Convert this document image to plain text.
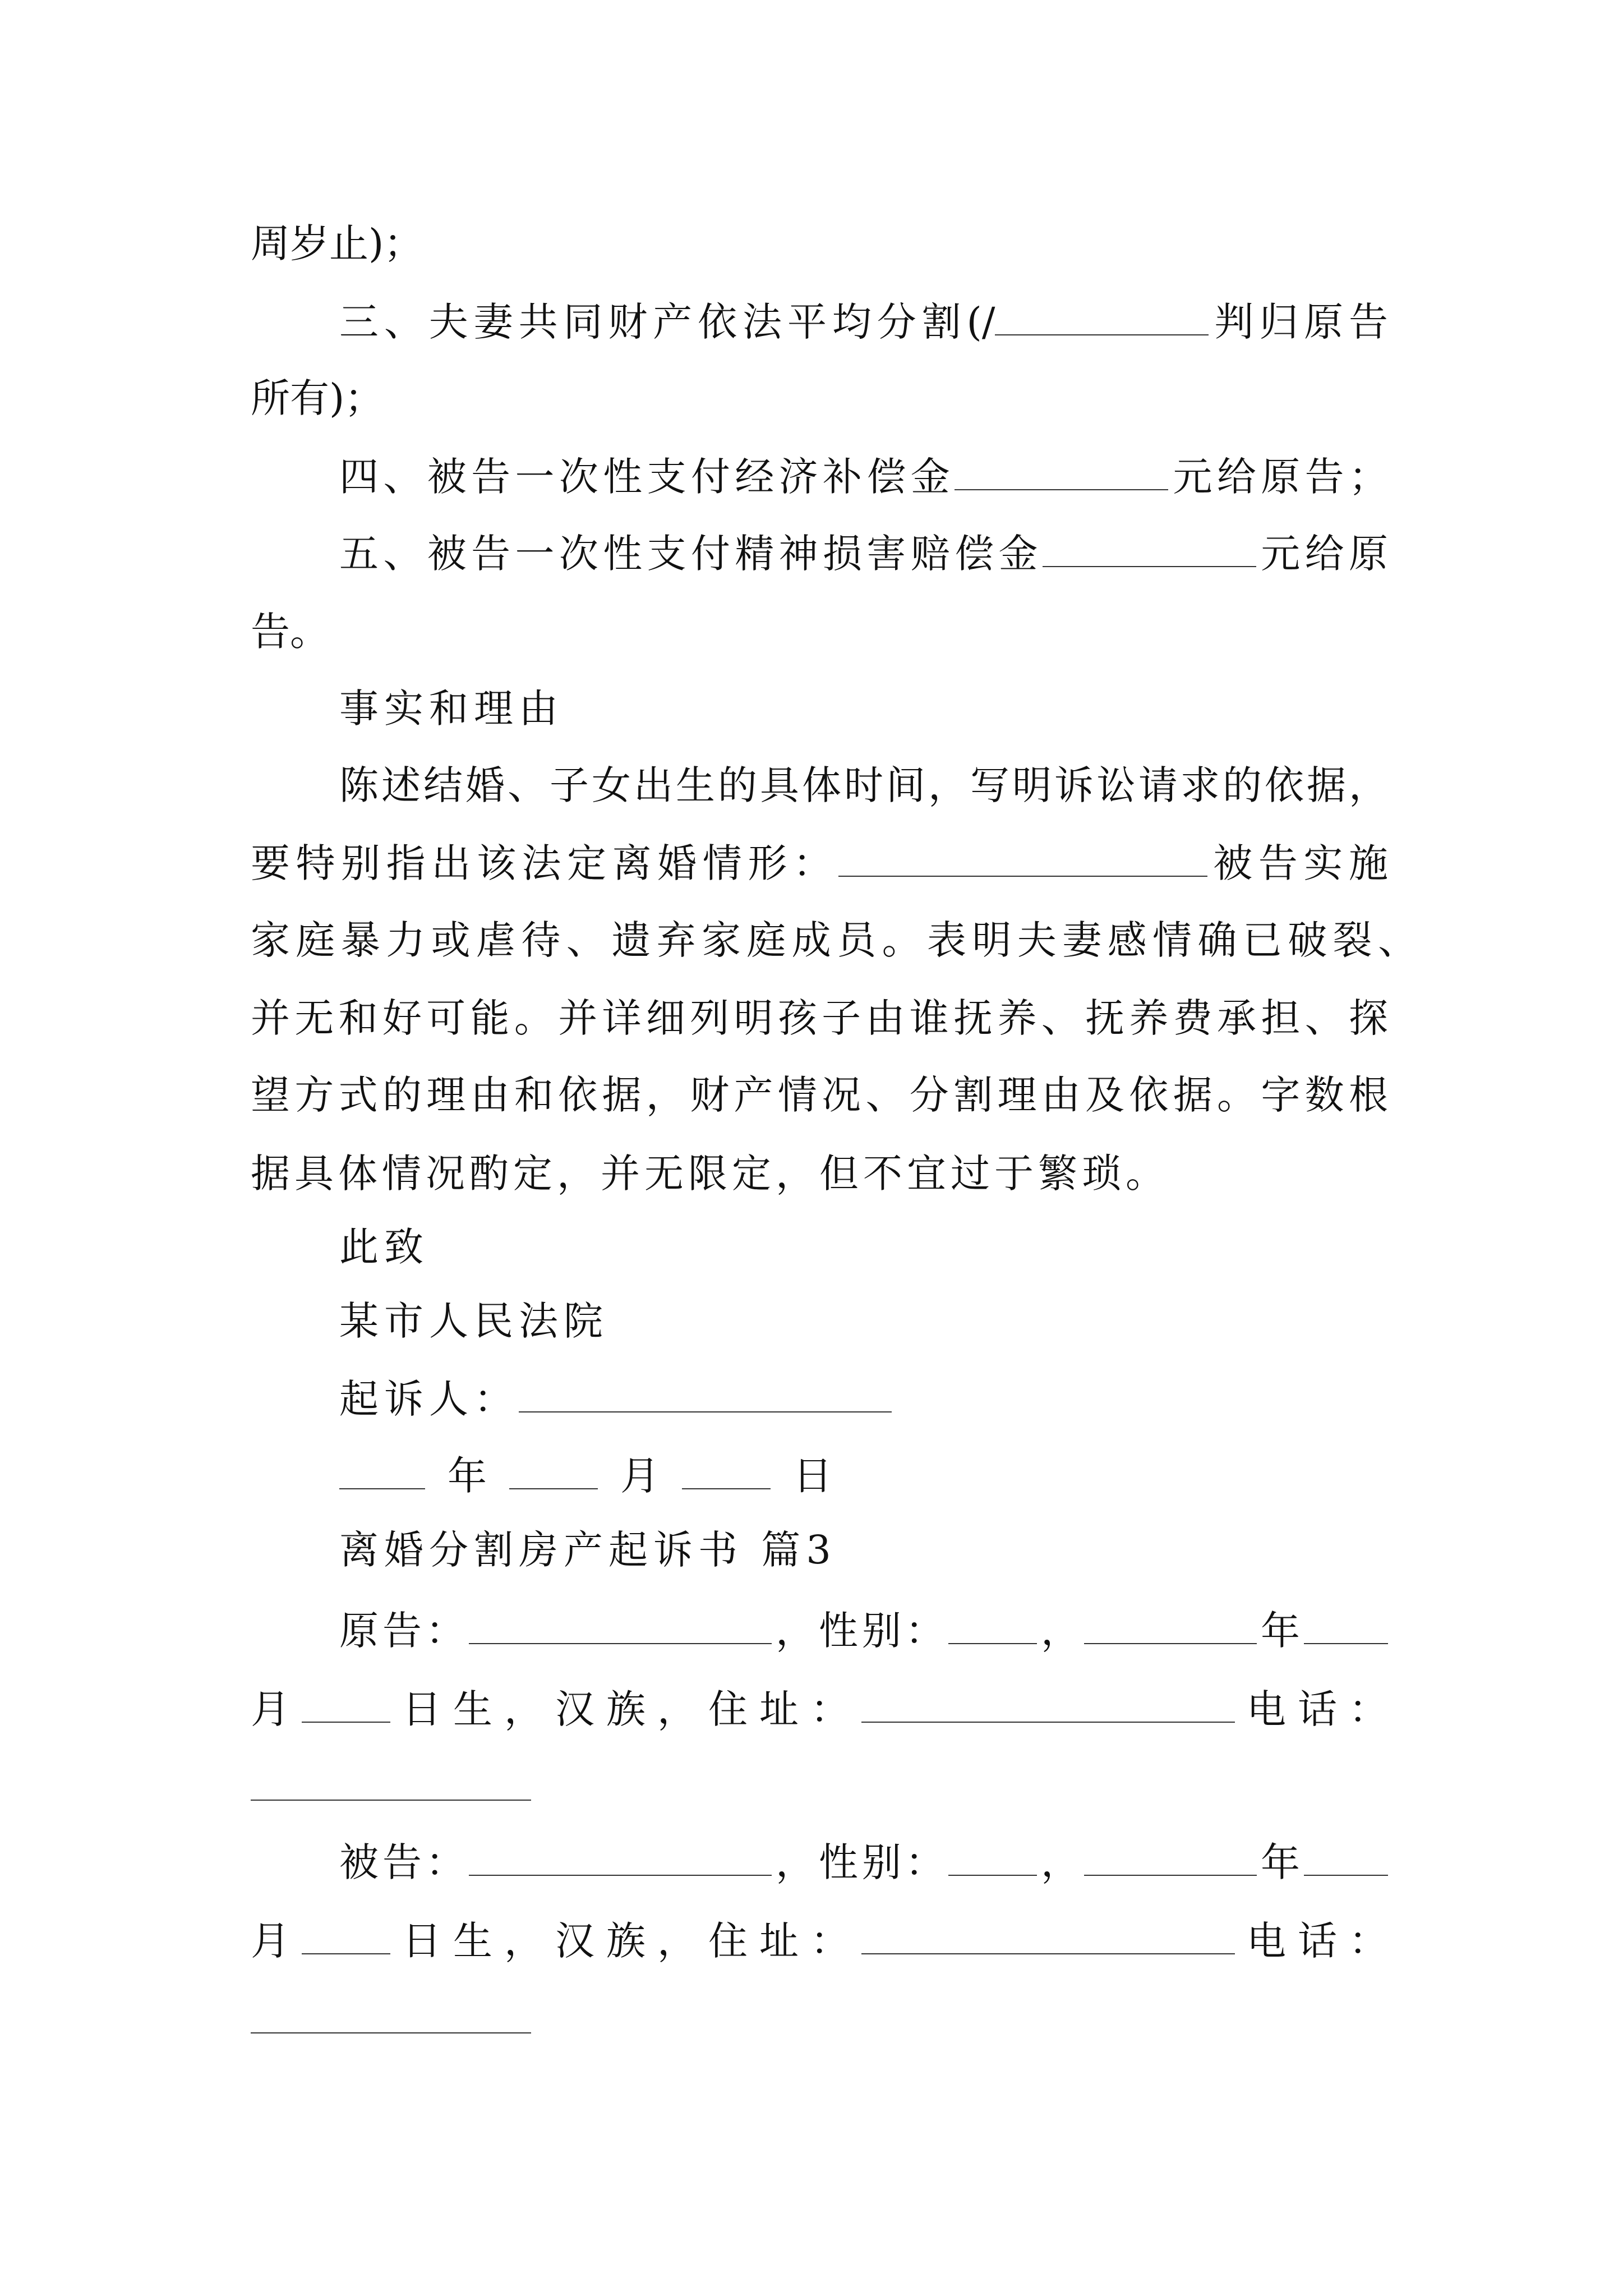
周岁止)；
三、夫妻共同财产依法平均分割(/	判归原告
所有)；
四、被告一次性支付经济补偿金	元给原告；
五、被告一次性支付精神损害赔偿金	元给原
告。
事实和理由
陈述结婚、子女出生的具体时间，写明诉讼请求的依据，
要特别指出该法定离婚情形：	被告实施
家庭暴力或虐待、遗弃家庭成员。表明夫妻感情确已破裂、
并无和好可能。并详细列明孩子由谁抚养、抚养费承担、探
望方式的理由和依据，财产情况、分割理由及依据。字数根
据具体情况酌定，并无限定，但不宜过于繁琐。
此致
某市人民法院
起诉人：
年	月	日
离婚分割房产起诉书 篇3
原告：	，性别： ，	年
月 日生，汉族，住址：	电话：
被告：	，性别： ，	年
月 日生，汉族，住址：	电话：
